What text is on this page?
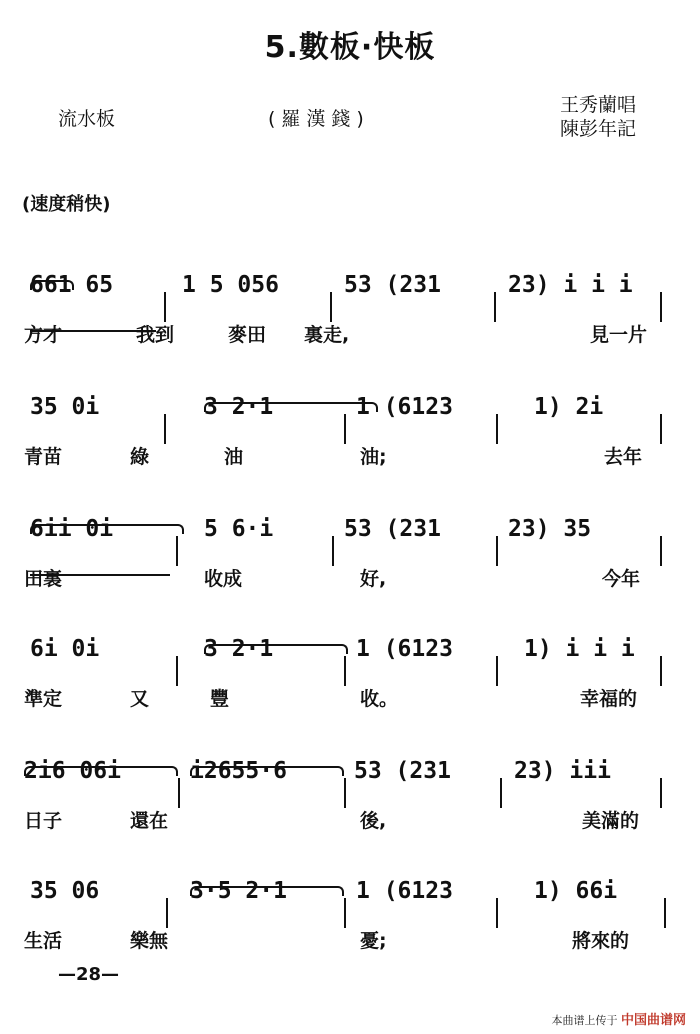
5.數板·快板
流水板	(羅漢錢)
王秀蘭唱
陳彭年記
(速度稍快)
661 65	1 5 056	53 (231	23) i i i
方才	我到	麥田 裏走,	見一片
35 0i	3 2·1	1 (6123	1) 2i
青苗	綠	油	油;	去年
6ii 0i	5 6·i	53 (231	23) 35
田裏	收成	好,	今年
6i 0i	3 2·1	1 (6123	1) i i i
準定	又	豐	收。	幸福的
2i6 06i	i2655·6	53 (231	23) iii
日子	還在	後,	美滿的
35 06	3·5 2·1	1 (6123	1) 66i
生活	樂無	憂;	將來的
—28—
本曲谱上传于 中国曲谱网
